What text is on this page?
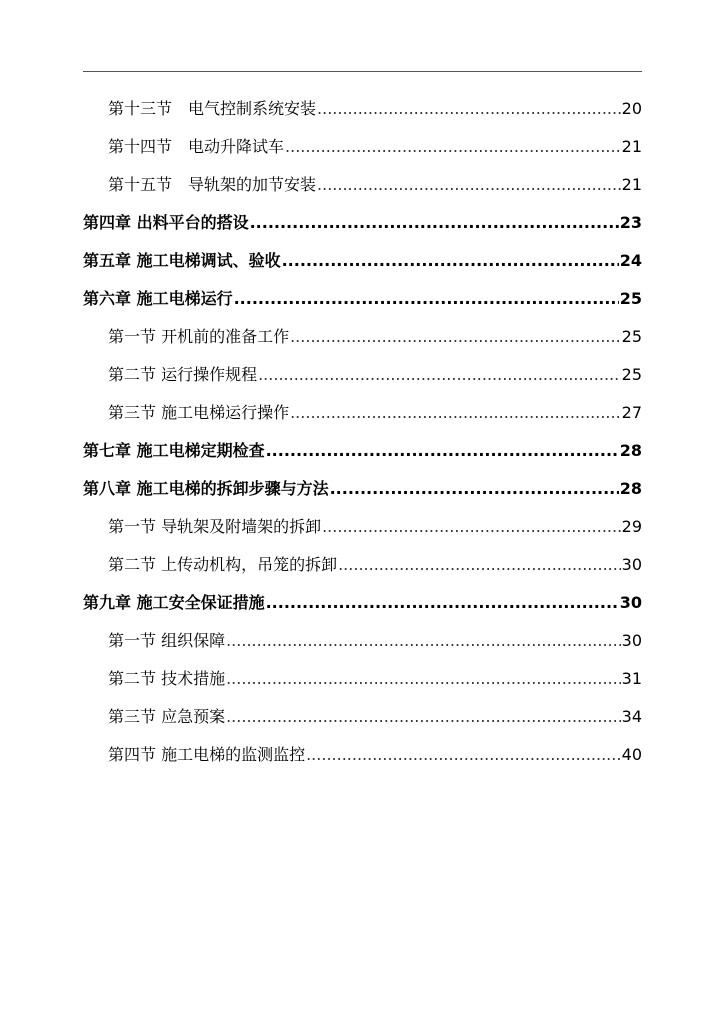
第十三节　电气控制系统安装 .....	20
第十四节　电动升降试车 .....	21
第十五节　导轨架的加节安装 .....	21
第四章 出料平台的搭设 .....	23
第五章 施工电梯调试、验收 .....	24
第六章 施工电梯运行 .....	25
第一节 开机前的准备工作 .....	25
第二节 运行操作规程 .....	25
第三节 施工电梯运行操作 .....	27
第七章 施工电梯定期检查 .....	28
第八章 施工电梯的拆卸步骤与方法 .....	28
第一节 导轨架及附墙架的拆卸 .....	29
第二节 上传动机构，吊笼的拆卸 .....	30
第九章 施工安全保证措施 .....	30
第一节 组织保障 .....	30
第二节 技术措施 .....	31
第三节 应急预案 .....	34
第四节 施工电梯的监测监控 .....	40
